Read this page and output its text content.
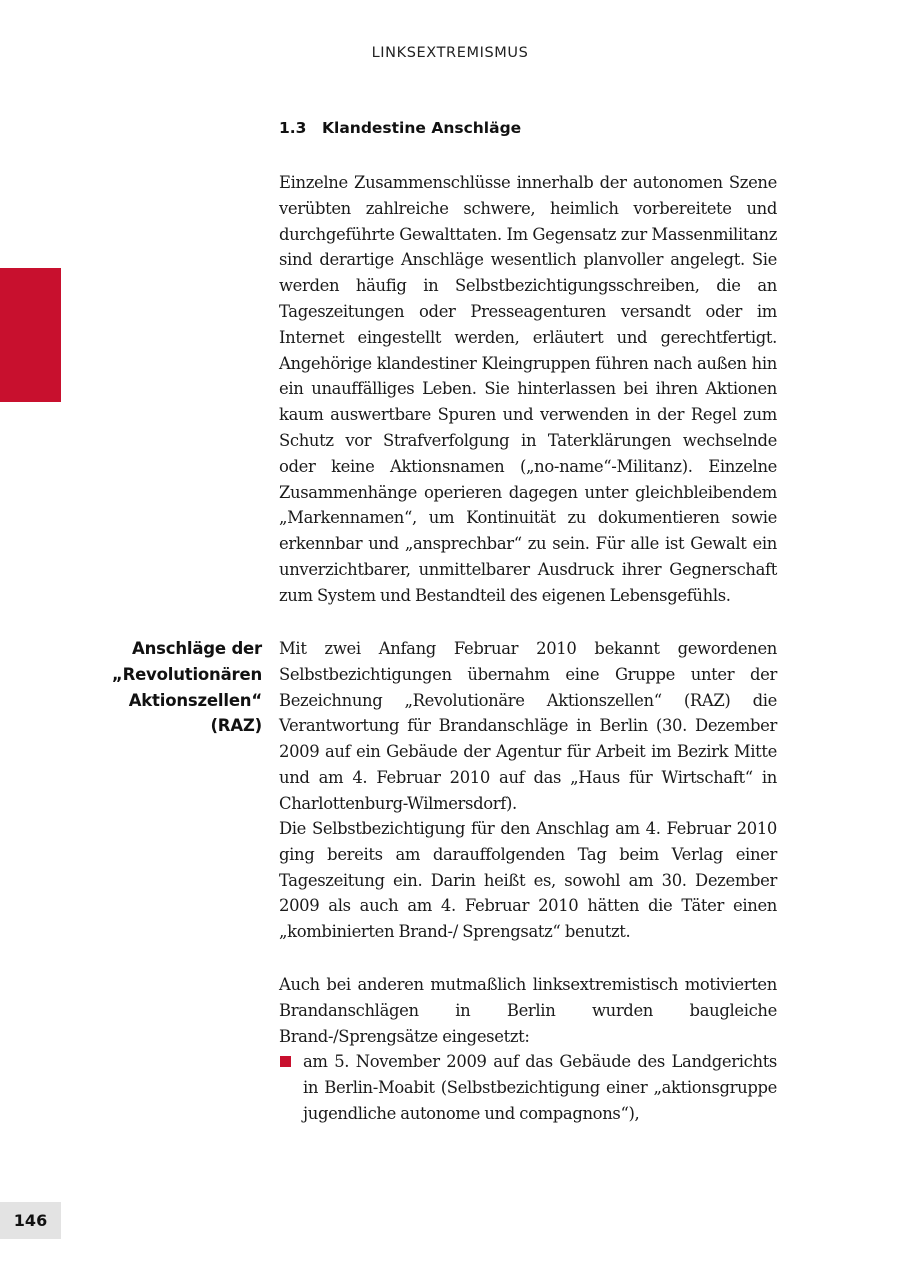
LINKSEXTREMISMUS
1.3 Klandestine Anschläge

Einzelne Zusammenschlüsse innerhalb der autonomen Szene verübten zahlreiche schwere, heimlich vorbereitete und durchgeführte Gewalttaten. Im Gegensatz zur Massenmilitanz sind derartige Anschläge wesentlich planvoller angelegt. Sie werden häufig in Selbstbezichtigungsschreiben, die an Tageszeitungen oder Presseagenturen versandt oder im Internet eingestellt werden, erläutert und gerechtfertigt. Angehörige klandestiner Kleingruppen führen nach außen hin ein unauffälliges Leben. Sie hinterlassen bei ihren Aktionen kaum auswertbare Spuren und verwenden in der Regel zum Schutz vor Strafverfolgung in Taterklärungen wechselnde oder keine Aktionsnamen („no-name“-Militanz). Einzelne Zusammenhänge operieren dagegen unter gleichbleibendem „Markennamen“, um Kontinuität zu dokumentieren sowie erkennbar und „ansprechbar“ zu sein. Für alle ist Gewalt ein unverzichtbarer, unmittelbarer Ausdruck ihrer Gegnerschaft zum System und Bestandteil des eigenen Lebensgefühls.

Anschläge der
„Revolutionären
Aktionszellen“
(RAZ)

Mit zwei Anfang Februar 2010 bekannt gewordenen Selbstbezichtigungen übernahm eine Gruppe unter der Bezeichnung „Revolutionäre Aktionszellen“ (RAZ) die Verantwortung für Brandanschläge in Berlin (30. Dezember 2009 auf ein Gebäude der Agentur für Arbeit im Bezirk Mitte und am 4. Februar 2010 auf das „Haus für Wirtschaft“ in Charlottenburg-Wilmersdorf).

Die Selbstbezichtigung für den Anschlag am 4. Februar 2010 ging bereits am darauffolgenden Tag beim Verlag einer Tageszeitung ein. Darin heißt es, sowohl am 30. Dezember 2009 als auch am 4. Februar 2010 hätten die Täter einen „kombinierten Brand-/ Sprengsatz“ benutzt.

Auch bei anderen mutmaßlich linksextremistisch motivierten Brandanschlägen in Berlin wurden baugleiche Brand-/Sprengsätze eingesetzt:

am 5. November 2009 auf das Gebäude des Landgerichts in Berlin-Moabit (Selbstbezichtigung einer „aktionsgruppe jugendliche autonome und compagnons“),
146
